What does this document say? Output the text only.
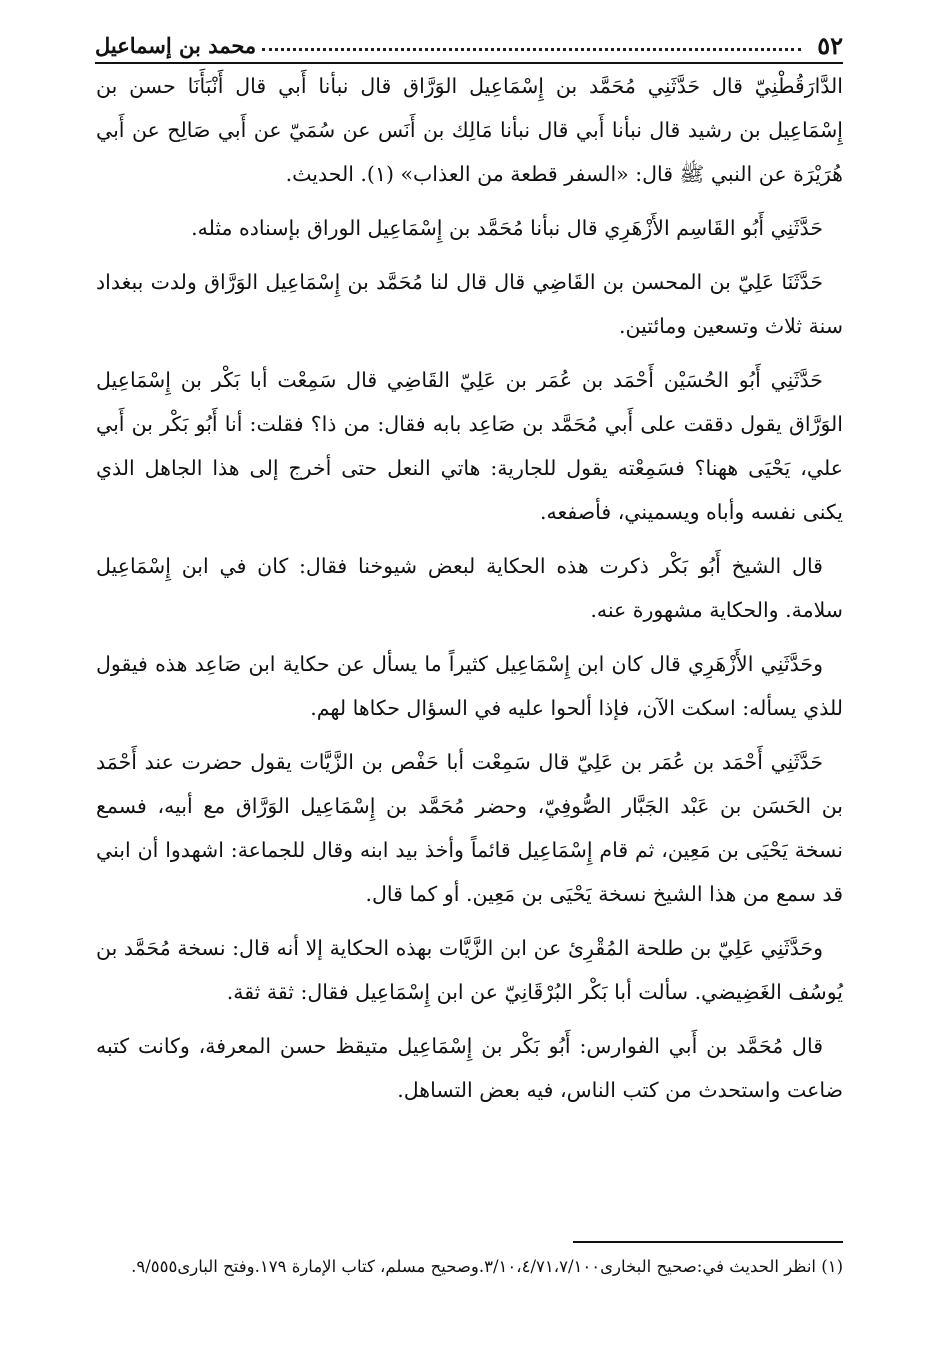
٥٢
محمد بن إسماعيل

الدَّارَقُطْنِيّ قال حَدَّثَنِي مُحَمَّد بن إِسْمَاعِيل الوَرَّاق قال نبأنا أَبي قال أَنْبَأَنَا حسن بن إِسْمَاعِيل بن رشيد قال نبأنا أَبي قال نبأنا مَالِك بن أَنَس عن سُمَيّ عن أَبي صَالِح عن أَبي هُرَيْرَة عن النبي ﷺ قال: «السفر قطعة من العذاب» (١). الحديث.

حَدَّثَنِي أَبُو القَاسِم الأَزْهَرِي قال نبأنا مُحَمَّد بن إِسْمَاعِيل الوراق بإسناده مثله.

حَدَّثَنَا عَلِيّ بن المحسن بن القَاضِي قال قال لنا مُحَمَّد بن إِسْمَاعِيل الوَرَّاق ولدت ببغداد سنة ثلاث وتسعين ومائتين.

حَدَّثَنِي أَبُو الحُسَيْن أَحْمَد بن عُمَر بن عَلِيّ القَاضِي قال سَمِعْت أبا بَكْر بن إِسْمَاعِيل الوَرَّاق يقول دققت على أَبي مُحَمَّد بن صَاعِد بابه فقال: من ذا؟ فقلت: أنا أَبُو بَكْر بن أَبي علي، يَحْيَى ههنا؟ فسَمِعْته يقول للجارية: هاتي النعل حتى أخرج إلى هذا الجاهل الذي يكنى نفسه وأباه ويسميني، فأصفعه.

قال الشيخ أَبُو بَكْر ذكرت هذه الحكاية لبعض شيوخنا فقال: كان في ابن إِسْمَاعِيل سلامة. والحكاية مشهورة عنه.

وحَدَّثَنِي الأَزْهَرِي قال كان ابن إِسْمَاعِيل كثيراً ما يسأل عن حكاية ابن صَاعِد هذه فيقول للذي يسأله: اسكت الآن، فإذا ألحوا عليه في السؤال حكاها لهم.

حَدَّثَنِي أَحْمَد بن عُمَر بن عَلِيّ قال سَمِعْت أبا حَفْص بن الزَّيَّات يقول حضرت عند أَحْمَد بن الحَسَن بن عَبْد الجَبَّار الصُّوفِيّ، وحضر مُحَمَّد بن إِسْمَاعِيل الوَرَّاق مع أبيه، فسمع نسخة يَحْيَى بن مَعِين، ثم قام إِسْمَاعِيل قائماً وأخذ بيد ابنه وقال للجماعة: اشهدوا أن ابني قد سمع من هذا الشيخ نسخة يَحْيَى بن مَعِين. أو كما قال.

وحَدَّثَنِي عَلِيّ بن طلحة المُقْرِئ عن ابن الزَّيَّات بهذه الحكاية إلا أنه قال: نسخة مُحَمَّد بن يُوسُف الغَضِيضي. سألت أبا بَكْر البُرْقَانِيّ عن ابن إِسْمَاعِيل فقال: ثقة ثقة.

قال مُحَمَّد بن أَبي الفوارس: أَبُو بَكْر بن إِسْمَاعِيل متيقظ حسن المعرفة، وكانت كتبه ضاعت واستحدث من كتب الناس، فيه بعض التساهل.

(١) انظر الحديث في:صحيح البخارى٣/١٠،٤/٧١،٧/١٠٠.وصحيح مسلم، كتاب الإمارة ١٧٩.وفتح البارى٩/٥٥٥.
